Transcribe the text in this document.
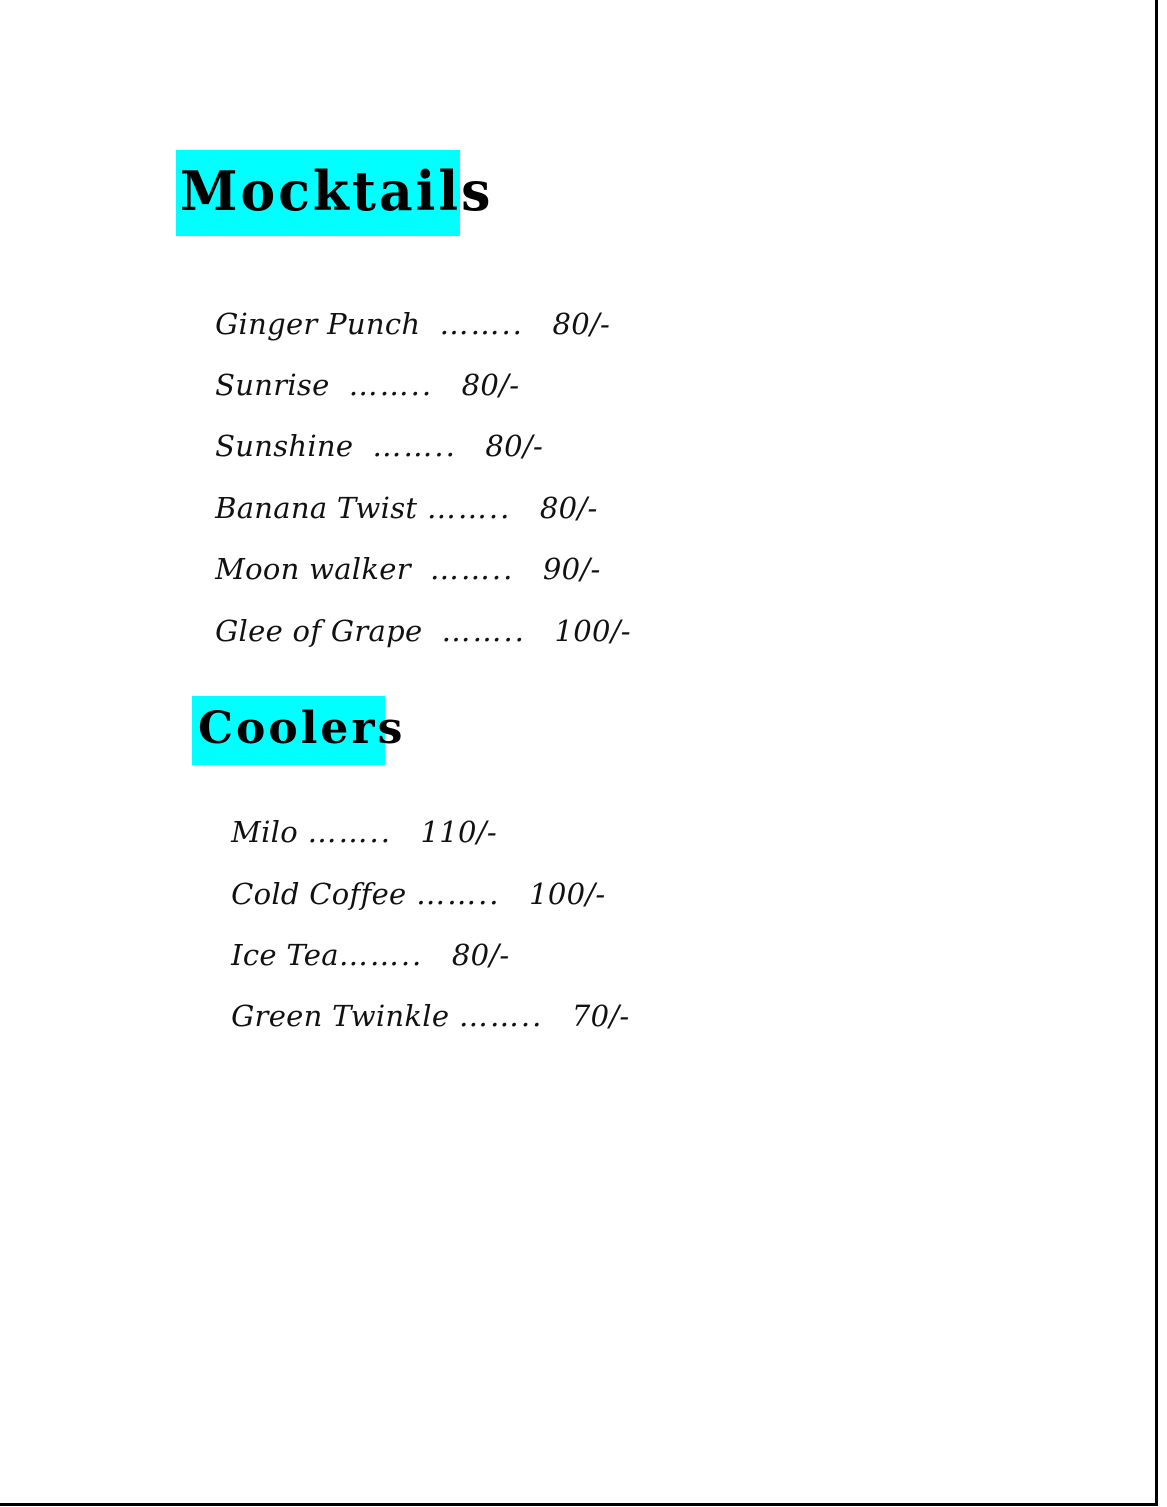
Mocktails

Ginger Punch …….. 80/-

Sunrise …….. 80/-

Sunshine …….. 80/-

Banana Twist …….. 80/-

Moon walker …….. 90/-

Glee of Grape …….. 100/-

Coolers

Milo …….. 110/-

Cold Coffee …….. 100/-

Ice Tea…….. 80/-

Green Twinkle …….. 70/-
